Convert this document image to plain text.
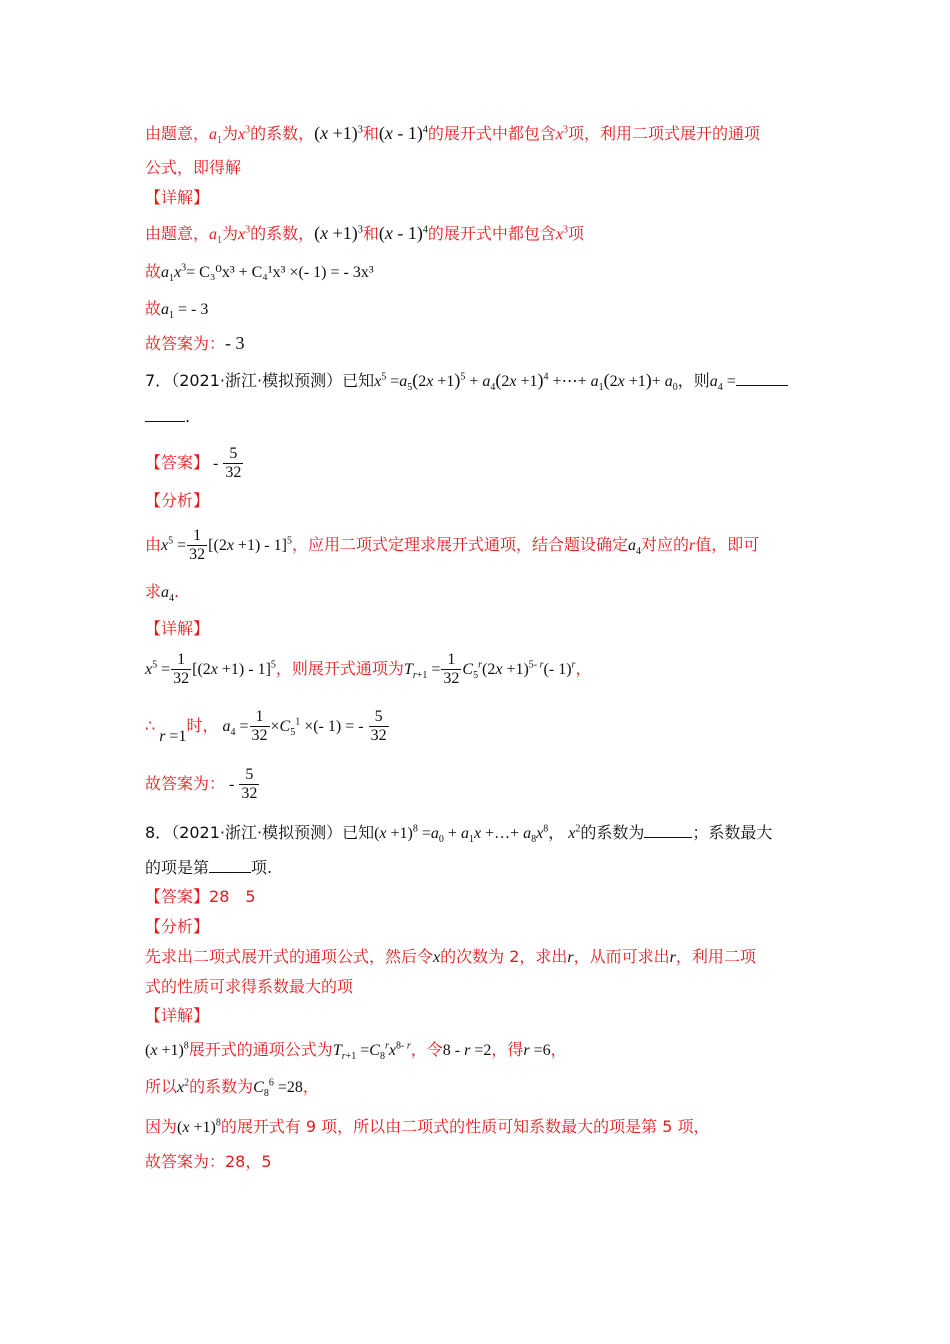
由题意，$a_1$为$x^3$的系数，$(x +1)^3$和(x - 1)$^4$的展开式中都包含$x^3$项，利用二项式展开的通项
公式，即得解
【详解】
由题意，$a_1$为$x^3$的系数，$(x +1)^3$和(x - 1)$^4$的展开式中都包含$x^3$项
故$a_1x^3= C_3^0x^3 + C_4^1x^3$ ×(- 1) = - 3x³
故$a_1$ = - 3
故答案为：- 3
7．（2021·浙江·模拟预测）已知$x^5 =a_5(2x +1)^5 + a_4(2x +1)^4$ +⋯+ $a_1(2x +1)+ a_0$，则$a_4$ =
.
【答案】 - $\frac{5}{32}$
【分析】
由$x^5 = \frac{1}{32} [(2x +1) - 1]^5$，应用二项式定理求展开式通项，结合题设确定$a_4$对应的r值，即可
求$a_4$.
【详解】
$x^5 = \frac{1}{32} [(2x +1) - 1]^5$，则展开式通项为$T_{r+1} = \frac{1}{32} C_5^r(2x +1)^{5- r}(-$ 1)$^r$，
∴ r =1时， $a_4 = \frac{1}{32} \times C_5^1$ ×(- 1) = - $\frac{5}{32}$
故答案为： - $\frac{5}{32}$
8．（2021·浙江·模拟预测）已知$(x +1)^8 =a_0 + a_1x$ +…+ $a_8x^8$， $x^2$的系数为	；系数最大
的项是第	项.
【答案】28　5
【分析】
先求出二项式展开式的通项公式，然后令x的次数为 2，求出r，从而可求出r，利用二项
式的性质可求得系数最大的项
【详解】
$(x +1)^8$展开式的通项公式为$T_{r+1} =C_8^rx^{8- r}$，令8 - r =2，得r =6，
所以$x^2$的系数为$C_8^6 =28$，
因为$(x +1)^8$的展开式有 9 项，所以由二项式的性质可知系数最大的项是第 5 项，
故答案为：28，5
